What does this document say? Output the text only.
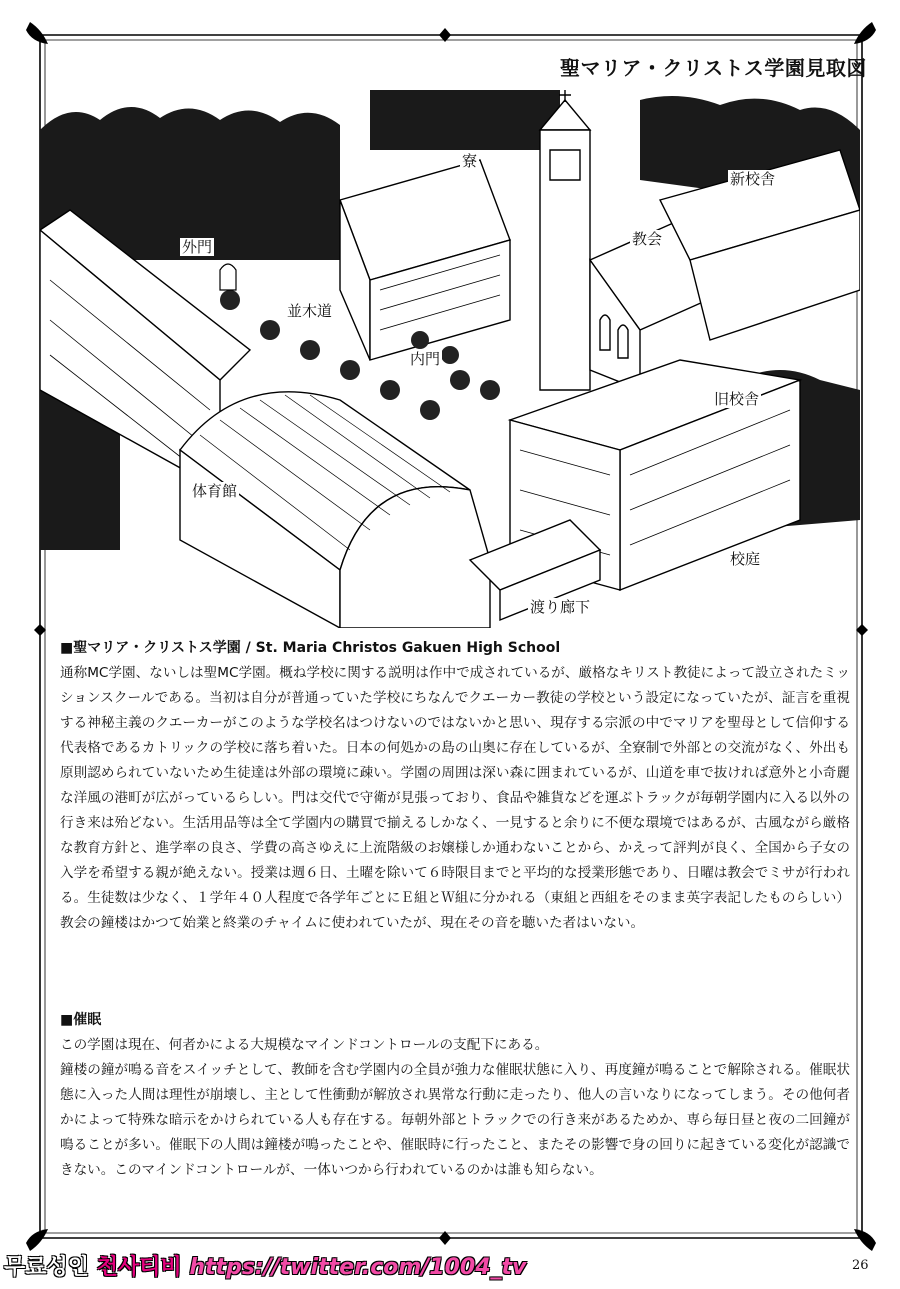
聖マリア・クリストス学園見取図
寮
新校舎
外門	教会
並木道
内門
旧校舎
体育館
校庭
渡り廊下

■聖マリア・クリストス学園 / St. Maria Christos Gakuen High School

通称MC学園、ないしは聖MC学園。概ね学校に関する説明は作中で成されているが、厳格なキリスト教徒によって設立されたミッションスクールである。当初は自分が普通っていた学校にちなんでクエーカー教徒の学校という設定になっていたが、証言を重視する神秘主義のクエーカーがこのような学校名はつけないのではないかと思い、現存する宗派の中でマリアを聖母として信仰する代表格であるカトリックの学校に落ち着いた。日本の何処かの島の山奥に存在しているが、全寮制で外部との交流がなく、外出も原則認められていないため生徒達は外部の環境に疎い。学園の周囲は深い森に囲まれているが、山道を車で抜ければ意外と小奇麗な洋風の港町が広がっているらしい。門は交代で守衛が見張っており、食品や雑貨などを運ぶトラックが毎朝学園内に入る以外の行き来は殆どない。生活用品等は全て学園内の購買で揃えるしかなく、一見すると余りに不便な環境ではあるが、古風ながら厳格な教育方針と、進学率の良さ、学費の高さゆえに上流階級のお嬢様しか通わないことから、かえって評判が良く、全国から子女の入学を希望する親が絶えない。授業は週６日、土曜を除いて６時限目までと平均的な授業形態であり、日曜は教会でミサが行われる。生徒数は少なく、１学年４０人程度で各学年ごとにＥ組とＷ組に分かれる（東組と西組をそのまま英字表記したものらしい）教会の鐘楼はかつて始業と終業のチャイムに使われていたが、現在その音を聴いた者はいない。

■催眠

この学園は現在、何者かによる大規模なマインドコントロールの支配下にある。

鐘楼の鐘が鳴る音をスイッチとして、教師を含む学園内の全員が強力な催眠状態に入り、再度鐘が鳴ることで解除される。催眠状態に入った人間は理性が崩壊し、主として性衝動が解放され異常な行動に走ったり、他人の言いなりになってしまう。その他何者かによって特殊な暗示をかけられている人も存在する。毎朝外部とトラックでの行き来があるためか、専ら毎日昼と夜の二回鐘が鳴ることが多い。催眠下の人間は鐘楼が鳴ったことや、催眠時に行ったこと、またその影響で身の回りに起きている変化が認識できない。このマインドコントロールが、一体いつから行われているのかは誰も知らない。

무료성인 천사티비 https://twitter.com/1004_tv	26
